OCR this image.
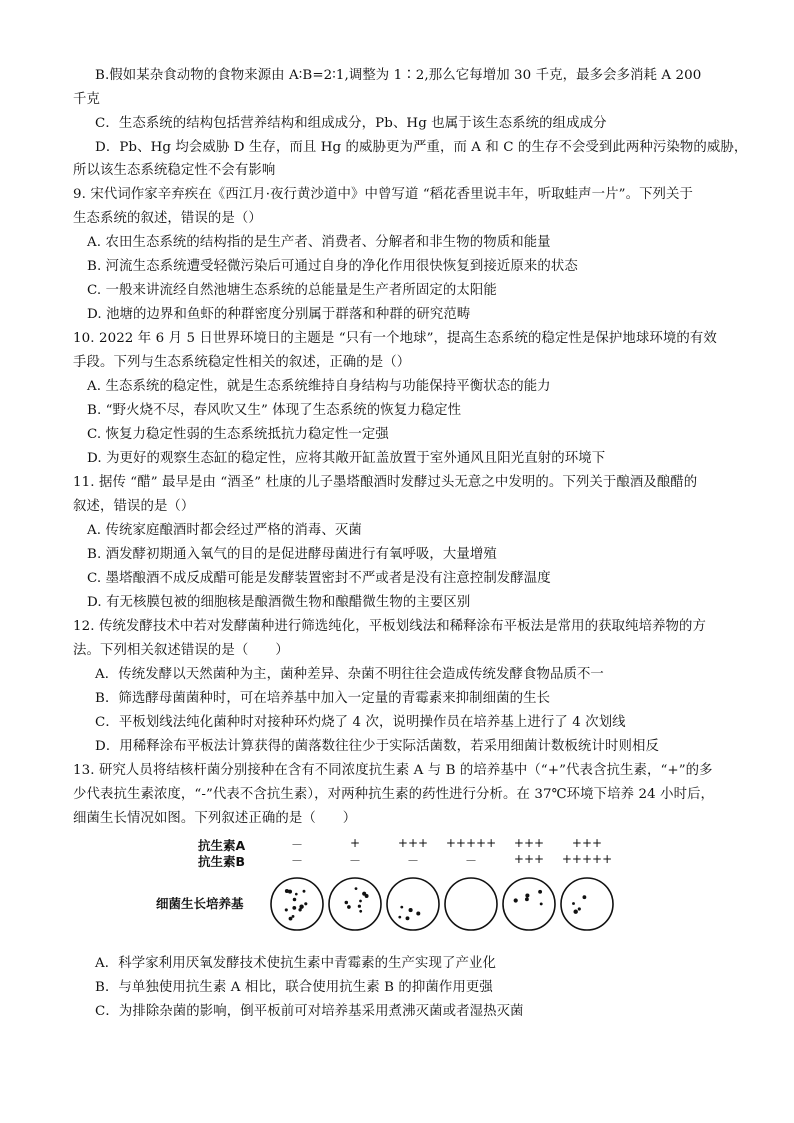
B.假如某杂食动物的食物来源由 A∶B=2∶1,调整为 1∶2,那么它每增加 30 千克，最多会多消耗 A 200
千克
C．生态系统的结构包括营养结构和组成成分，Pb、Hg 也属于该生态系统的组成成分
D．Pb、Hg 均会威胁 D 生存，而且 Hg 的威胁更为严重，而 A 和 C 的生存不会受到此两种污染物的威胁，
所以该生态系统稳定性不会有影响
9. 宋代词作家辛弃疾在《西江月·夜行黄沙道中》中曾写道 “稻花香里说丰年，听取蛙声一片”。下列关于
生态系统的叙述，错误的是（）
A. 农田生态系统的结构指的是生产者、消费者、分解者和非生物的物质和能量
B. 河流生态系统遭受轻微污染后可通过自身的净化作用很快恢复到接近原来的状态
C. 一般来讲流经自然池塘生态系统的总能量是生产者所固定的太阳能
D. 池塘的边界和鱼虾的种群密度分别属于群落和种群的研究范畴
10. 2022 年 6 月 5 日世界环境日的主题是 “只有一个地球”，提高生态系统的稳定性是保护地球环境的有效
手段。下列与生态系统稳定性相关的叙述，正确的是（）
A. 生态系统的稳定性，就是生态系统维持自身结构与功能保持平衡状态的能力
B. “野火烧不尽，春风吹又生” 体现了生态系统的恢复力稳定性
C. 恢复力稳定性弱的生态系统抵抗力稳定性一定强
D. 为更好的观察生态缸的稳定性，应将其敞开缸盖放置于室外通风且阳光直射的环境下
11. 据传 “醋” 最早是由 “酒圣” 杜康的儿子墨塔酿酒时发酵过头无意之中发明的。下列关于酿酒及酿醋的
叙述，错误的是（）
A. 传统家庭酿酒时都会经过严格的消毒、灭菌
B. 酒发酵初期通入氧气的目的是促进酵母菌进行有氧呼吸，大量增殖
C. 墨塔酿酒不成反成醋可能是发酵装置密封不严或者是没有注意控制发酵温度
D. 有无核膜包被的细胞核是酿酒微生物和酿醋微生物的主要区别
12. 传统发酵技术中若对发酵菌种进行筛选纯化，平板划线法和稀释涂布平板法是常用的获取纯培养物的方
法。下列相关叙述错误的是（　　）
A．传统发酵以天然菌种为主，菌种差异、杂菌不明往往会造成传统发酵食物品质不一
B．筛选酵母菌菌种时，可在培养基中加入一定量的青霉素来抑制细菌的生长
C．平板划线法纯化菌种时对接种环灼烧了 4 次，说明操作员在培养基上进行了 4 次划线
D．用稀释涂布平板法计算获得的菌落数往往少于实际活菌数，若采用细菌计数板统计时则相反
13. 研究人员将结核杆菌分别接种在含有不同浓度抗生素 A 与 B 的培养基中（“+”代表含抗生素，“+”的多
少代表抗生素浓度，“-”代表不含抗生素），对两种抗生素的药性进行分析。在 37℃环境下培养 24 小时后，
细菌生长情况如图。下列叙述正确的是（　　）
A．科学家利用厌氧发酵技术使抗生素中青霉素的生产实现了产业化
B．与单独使用抗生素 A 相比，联合使用抗生素 B 的抑菌作用更强
C．为排除杂菌的影响，倒平板前可对培养基采用煮沸灭菌或者湿热灭菌
抗生素A
抗生素B
细菌生长培养基
－
－
+
－
+++
－
+++++
－
+++
+++
+++
+++++
